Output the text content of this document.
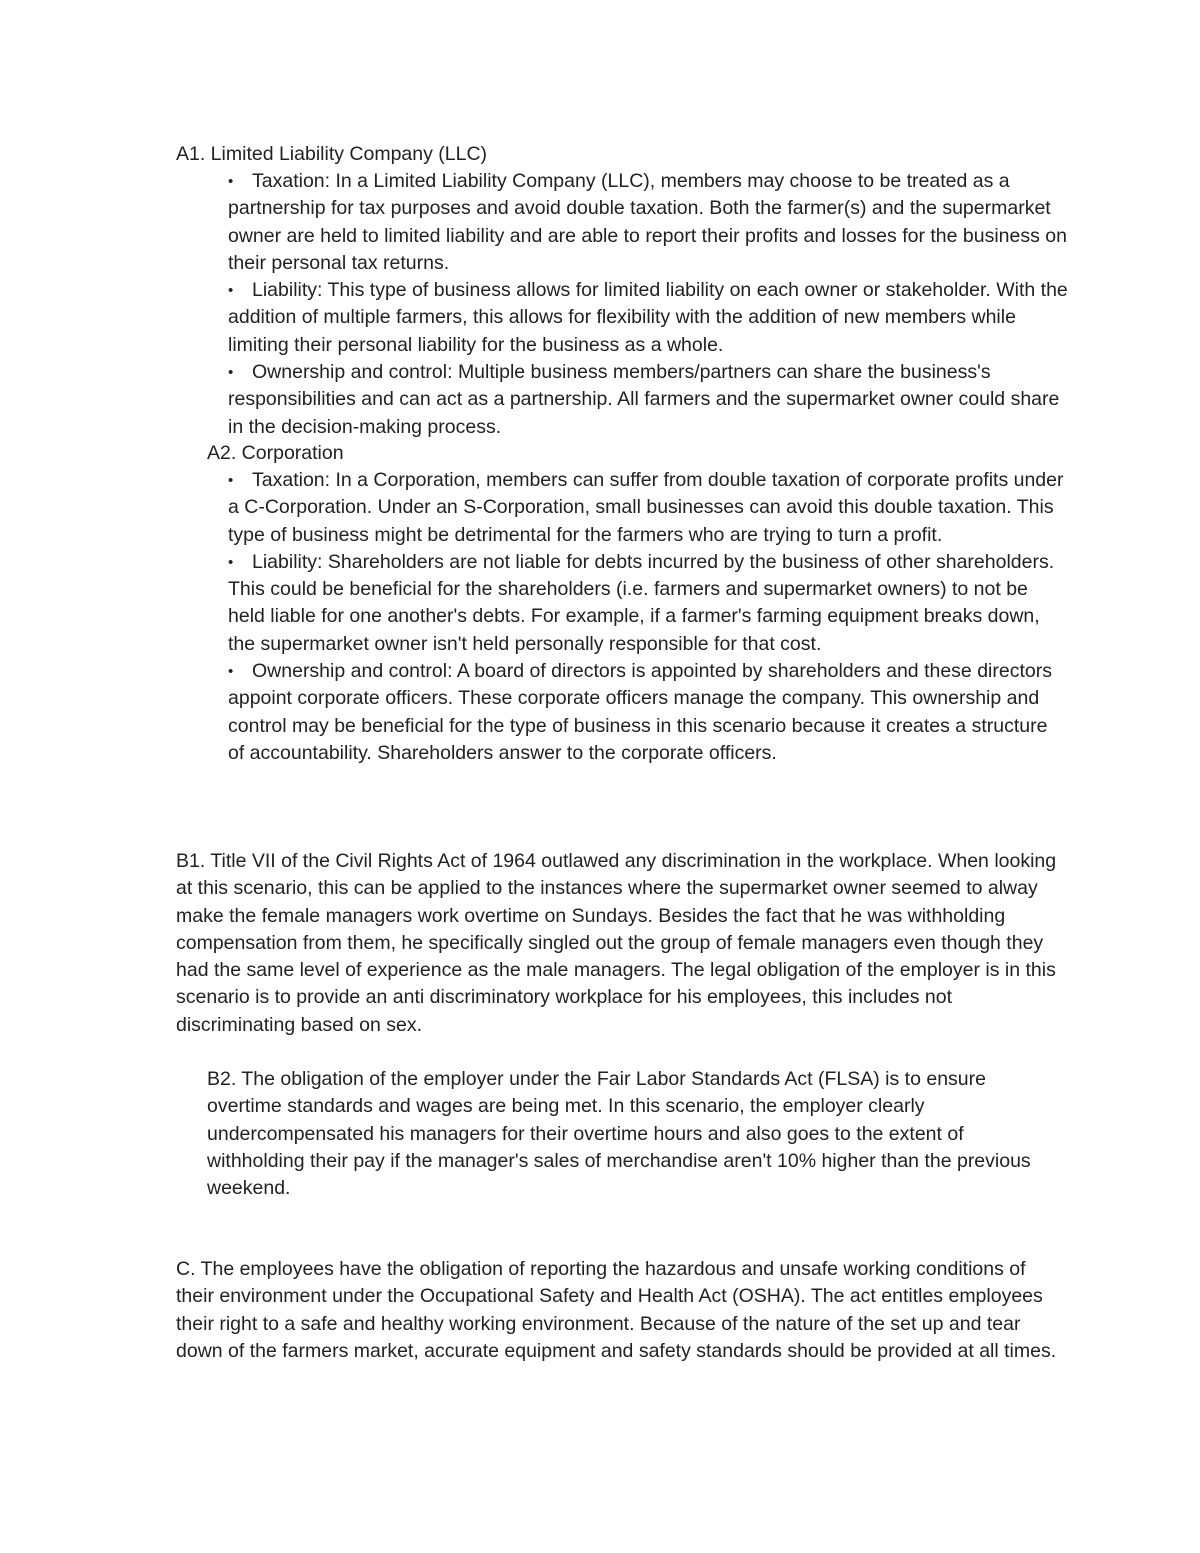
A1. Limited Liability Company (LLC)

• Taxation: In a Limited Liability Company (LLC), members may choose to be treated as a partnership for tax purposes and avoid double taxation. Both the farmer(s) and the supermarket owner are held to limited liability and are able to report their profits and losses for the business on their personal tax returns.
• Liability: This type of business allows for limited liability on each owner or stakeholder. With the addition of multiple farmers, this allows for flexibility with the addition of new members while limiting their personal liability for the business as a whole.
• Ownership and control: Multiple business members/partners can share the business's responsibilities and can act as a partnership. All farmers and the supermarket owner could share in the decision-making process.

A2. Corporation

• Taxation: In a Corporation, members can suffer from double taxation of corporate profits under a C-Corporation. Under an S-Corporation, small businesses can avoid this double taxation. This type of business might be detrimental for the farmers who are trying to turn a profit.
• Liability: Shareholders are not liable for debts incurred by the business of other shareholders. This could be beneficial for the shareholders (i.e. farmers and supermarket owners) to not be held liable for one another's debts. For example, if a farmer's farming equipment breaks down, the supermarket owner isn't held personally responsible for that cost.
• Ownership and control: A board of directors is appointed by shareholders and these directors appoint corporate officers. These corporate officers manage the company. This ownership and control may be beneficial for the type of business in this scenario because it creates a structure of accountability. Shareholders answer to the corporate officers.

B1. Title VII of the Civil Rights Act of 1964 outlawed any discrimination in the workplace. When looking at this scenario, this can be applied to the instances where the supermarket owner seemed to alway make the female managers work overtime on Sundays. Besides the fact that he was withholding compensation from them, he specifically singled out the group of female managers even though they had the same level of experience as the male managers. The legal obligation of the employer is in this scenario is to provide an anti discriminatory workplace for his employees, this includes not discriminating based on sex.

B2. The obligation of the employer under the Fair Labor Standards Act (FLSA) is to ensure overtime standards and wages are being met. In this scenario, the employer clearly undercompensated his managers for their overtime hours and also goes to the extent of withholding their pay if the manager's sales of merchandise aren't 10% higher than the previous weekend.

C. The employees have the obligation of reporting the hazardous and unsafe working conditions of their environment under the Occupational Safety and Health Act (OSHA). The act entitles employees their right to a safe and healthy working environment. Because of the nature of the set up and tear down of the farmers market, accurate equipment and safety standards should be provided at all times.
